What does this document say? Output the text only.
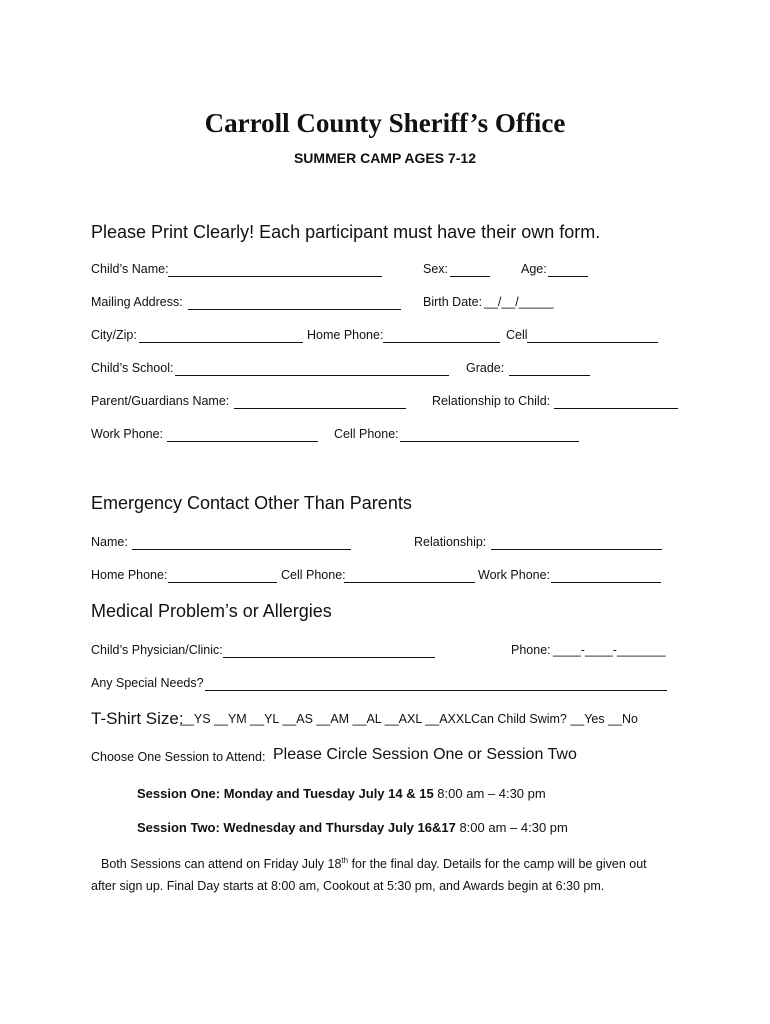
Carroll County Sheriff’s Office
SUMMER CAMP AGES 7-12
Please Print Clearly! Each participant must have their own form.
Child’s Name:	Sex:	Age:
Mailing Address:	Birth Date: __/__/_____
City/Zip:	Home Phone:	Cell
Child’s School:	Grade:
Parent/Guardians Name:	Relationship to Child:
Work Phone:	Cell Phone:
Emergency Contact Other Than Parents
Name:	Relationship:
Home Phone:	Cell Phone:	Work Phone:
Medical Problem’s or Allergies
Child’s Physician/Clinic:	Phone: ____-____-_______
Any Special Needs?
T-Shirt Size:
__YS __YM __YL __AS __AM __AL __AXL __AXXL Can Child Swim? __Yes __No
Choose One Session to Attend: Please Circle Session One or Session Two
Session One: Monday and Tuesday July 14 & 15 8:00 am – 4:30 pm
Session Two: Wednesday and Thursday July 16&17 8:00 am – 4:30 pm
Both Sessions can attend on Friday July 18th for the final day. Details for the camp will be given out after sign up. Final Day starts at 8:00 am, Cookout at 5:30 pm, and Awards begin at 6:30 pm.
